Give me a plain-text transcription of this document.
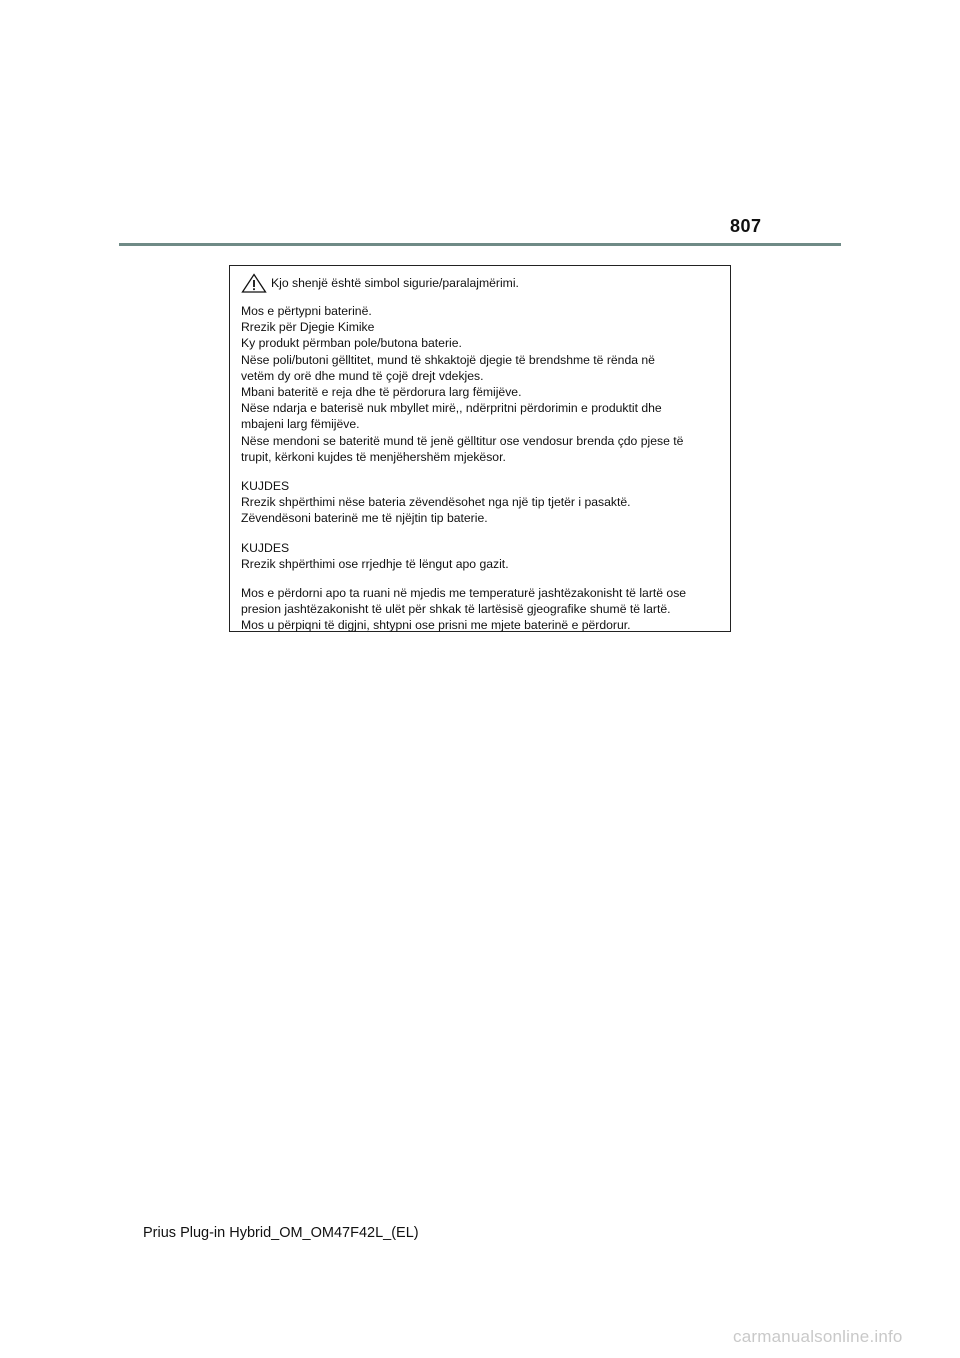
807
Kjo shenjë është simbol sigurie/paralajmërimi.
Mos e përtypni baterinë.
Rrezik për Djegie Kimike
Ky produkt përmban pole/butona baterie.
Nëse poli/butoni gëlltitet, mund të shkaktojë djegie të brendshme të rënda në
vetëm dy orë dhe mund të çojë drejt vdekjes.
Mbani bateritë e reja dhe të përdorura larg fëmijëve.
Nëse ndarja e baterisë nuk mbyllet mirë,, ndërpritni përdorimin e produktit dhe
mbajeni larg fëmijëve.
Nëse mendoni se bateritë mund të jenë gëlltitur ose vendosur brenda çdo pjese të
trupit, kërkoni kujdes të menjëhershëm mjekësor.
KUJDES
Rrezik shpërthimi nëse bateria zëvendësohet nga një tip tjetër i pasaktë.
Zëvendësoni baterinë me të njëjtin tip baterie.
KUJDES
Rrezik shpërthimi ose rrjedhje të lëngut apo gazit.
Mos e përdorni apo ta ruani në mjedis me temperaturë jashtëzakonisht të lartë ose
presion jashtëzakonisht të ulët për shkak të lartësisë gjeografike shumë të lartë.
Mos u përpiqni të digjni, shtypni ose prisni me mjete baterinë e përdorur.
Prius Plug-in Hybrid_OM_OM47F42L_(EL)
carmanualsonline.info
